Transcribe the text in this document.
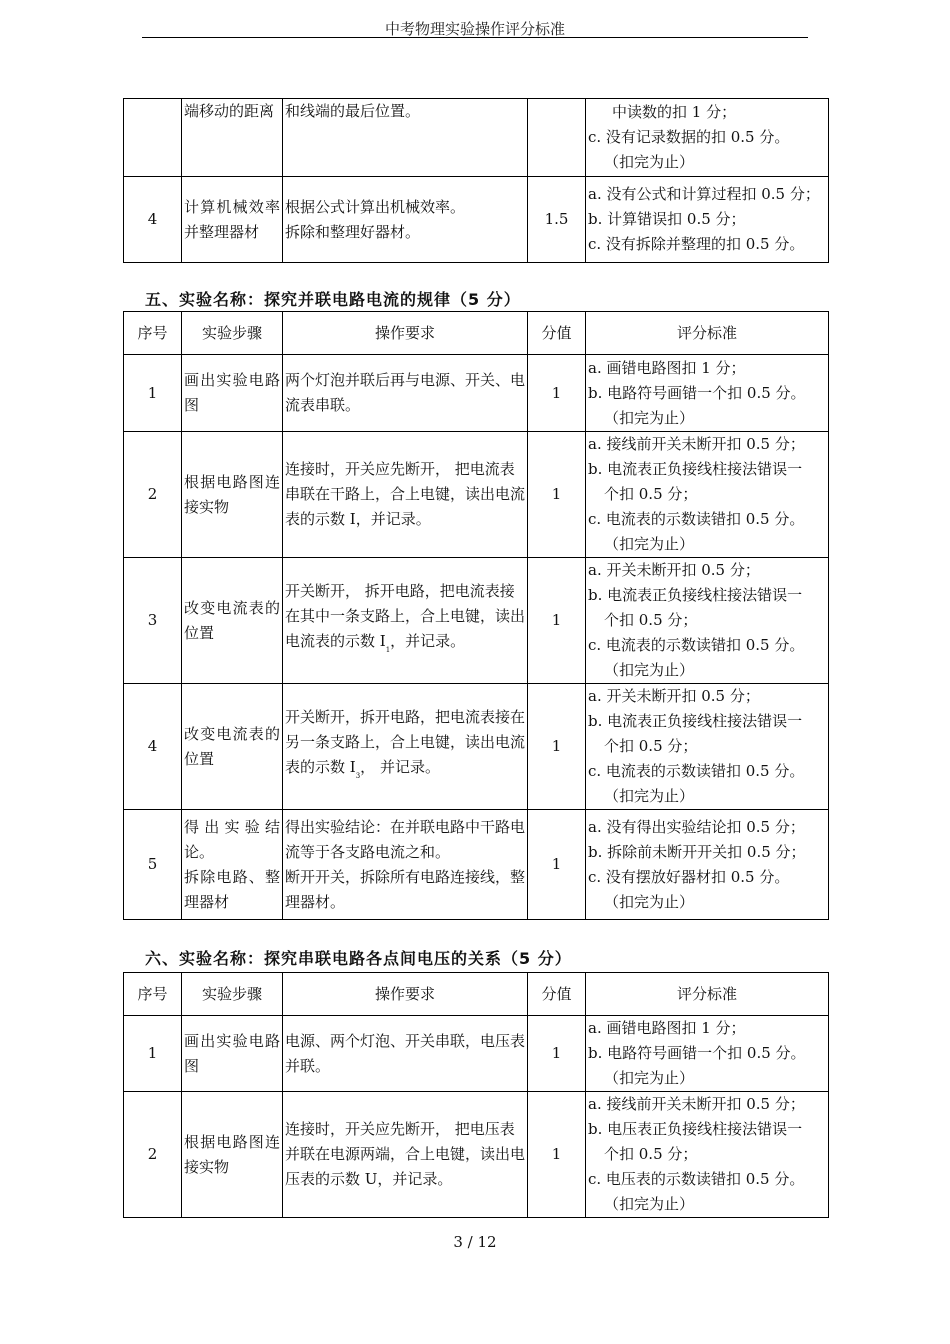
中考物理实验操作评分标准
	端移动的距离	和线端的最后位置。		中读数的扣 1 分；
c. 没有记录数据的扣 0.5 分。
（扣完为止）

4	计算机械效率并整理器材	根据公式计算出机械效率。
拆除和整理好器材。	1.5	a. 没有公式和计算过程扣 0.5 分；
b. 计算错误扣 0.5 分；
c. 没有拆除并整理的扣 0.5 分。
五、实验名称：探究并联电路电流的规律（5 分）
序号	实验步骤	操作要求	分值	评分标准
1	画出实验电路图	两个灯泡并联后再与电源、开关、电流表串联。	1	a. 画错电路图扣 1 分；
b. 电路符号画错一个扣 0.5 分。
（扣完为止）

2	根据电路图连接实物	连接时，开关应先断开， 把电流表串联在干路上，合上电键，读出电流表的示数 I，并记录。	1	a. 接线前开关未断开扣 0.5 分；
b. 电流表正负接线柱接法错误一
个扣 0.5 分；
c. 电流表的示数读错扣 0.5 分。
（扣完为止）

3	改变电流表的位置	开关断开， 拆开电路，把电流表接在其中一条支路上，合上电键，读出电流表的示数 $I_1$，并记录。	1	a. 开关未断开扣 0.5 分；
b. 电流表正负接线柱接法错误一
个扣 0.5 分；
c. 电流表的示数读错扣 0.5 分。
（扣完为止）

4	改变电流表的位置	开关断开，拆开电路，把电流表接在另一条支路上，合上电键，读出电流表的示数 $I_3$， 并记录。	1	a. 开关未断开扣 0.5 分；
b. 电流表正负接线柱接法错误一
个扣 0.5 分；
c. 电流表的示数读错扣 0.5 分。
（扣完为止）

5	得出实验结论。
拆除电路、整理器材	得出实验结论：在并联电路中干路电流等于各支路电流之和。
断开开关，拆除所有电路连接线，整理器材。	1	a. 没有得出实验结论扣 0.5 分；
b. 拆除前未断开开关扣 0.5 分；
c. 没有摆放好器材扣 0.5 分。
（扣完为止）
六、实验名称：探究串联电路各点间电压的关系（5 分）
序号	实验步骤	操作要求	分值	评分标准
1	画出实验电路图	电源、两个灯泡、开关串联，电压表并联。	1	a. 画错电路图扣 1 分；
b. 电路符号画错一个扣 0.5 分。
（扣完为止）

2	根据电路图连接实物	连接时，开关应先断开， 把电压表并联在电源两端，合上电键，读出电压表的示数 U，并记录。	1	a. 接线前开关未断开扣 0.5 分；
b. 电压表正负接线柱接法错误一
个扣 0.5 分；
c. 电压表的示数读错扣 0.5 分。
（扣完为止）
3 / 12
